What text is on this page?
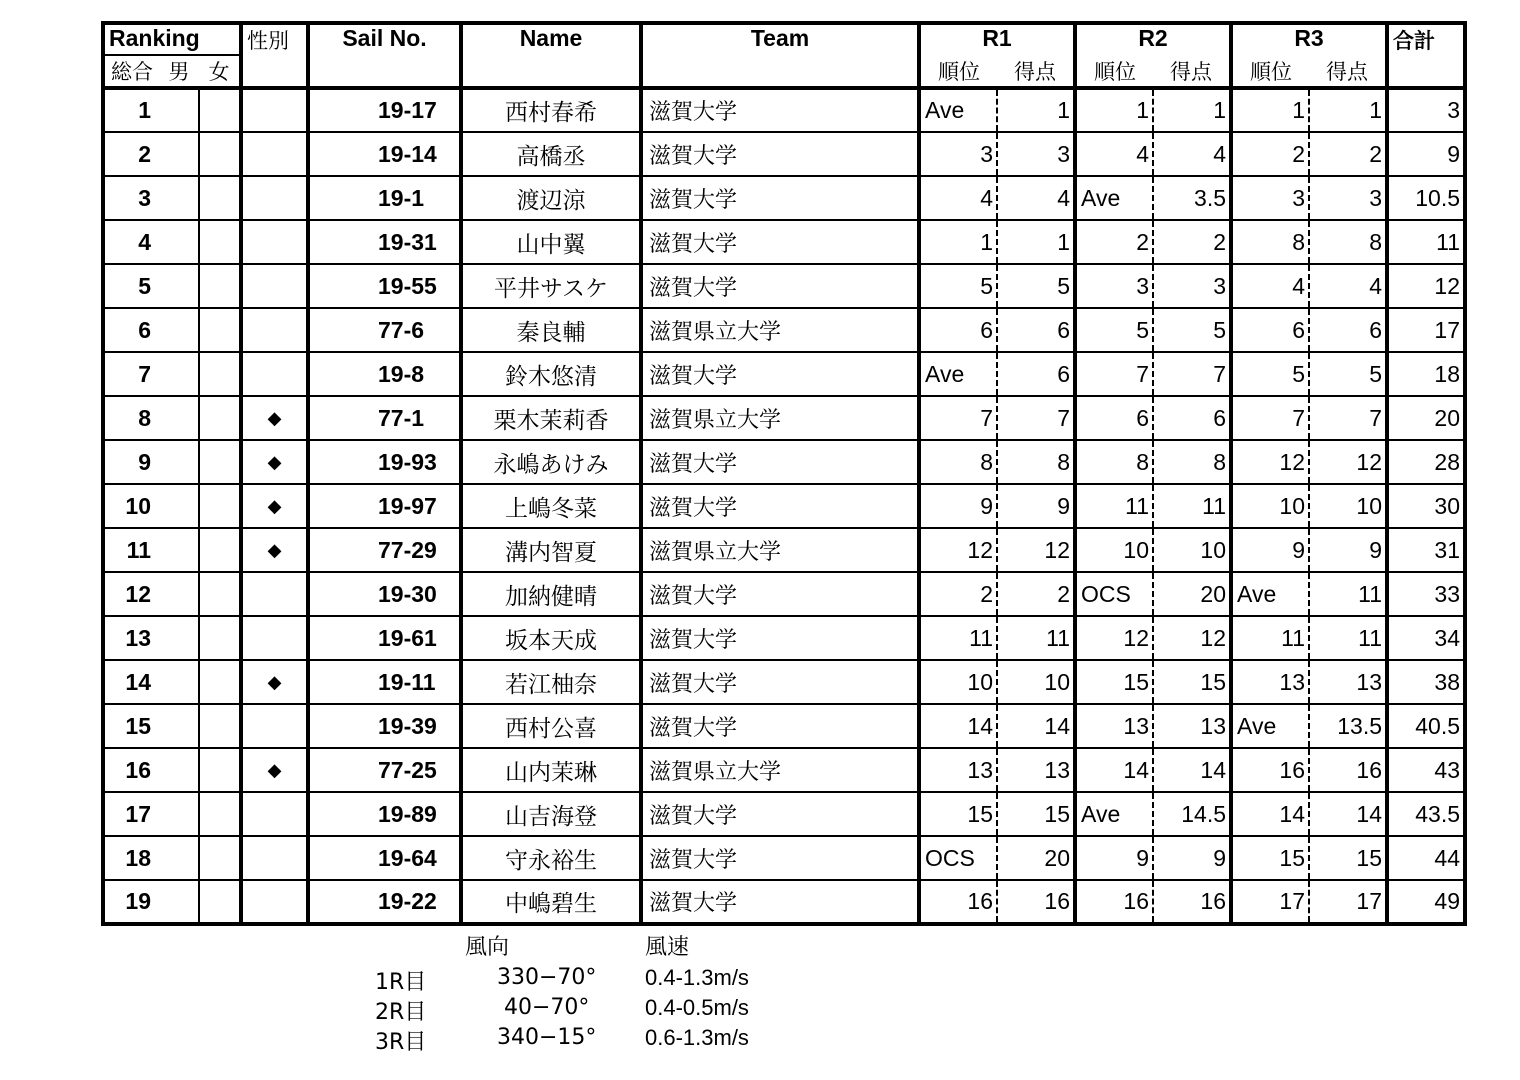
Ranking			性別	Sail No.	Name	Team	R1		R2		R3		合計
総合	男	女					順位	得点	順位	得点	順位	得点	
1				19-17	西村春希	滋賀大学	Ave	1	1	1	1	1	3
2				19-14	高橋丞	滋賀大学	3	3	4	4	2	2	9
3				19-1	渡辺涼	滋賀大学	4	4	Ave	3.5	3	3	10.5
4				19-31	山中翼	滋賀大学	1	1	2	2	8	8	11
5				19-55	平井サスケ	滋賀大学	5	5	3	3	4	4	12
6				77-6	秦良輔	滋賀県立大学	6	6	5	5	6	6	17
7				19-8	鈴木悠清	滋賀大学	Ave	6	7	7	5	5	18
8			◆	77-1	栗木茉莉香	滋賀県立大学	7	7	6	6	7	7	20
9			◆	19-93	永嶋あけみ	滋賀大学	8	8	8	8	12	12	28
10			◆	19-97	上嶋冬菜	滋賀大学	9	9	11	11	10	10	30
11			◆	77-29	溝内智夏	滋賀県立大学	12	12	10	10	9	9	31
12				19-30	加納健晴	滋賀大学	2	2	OCS	20	Ave	11	33
13				19-61	坂本天成	滋賀大学	11	11	12	12	11	11	34
14			◆	19-11	若江柚奈	滋賀大学	10	10	15	15	13	13	38
15				19-39	西村公喜	滋賀大学	14	14	13	13	Ave	13.5	40.5
16			◆	77-25	山内茉琳	滋賀県立大学	13	13	14	14	16	16	43
17				19-89	山吉海登	滋賀大学	15	15	Ave	14.5	14	14	43.5
18				19-64	守永裕生	滋賀大学	OCS	20	9	9	15	15	44
19				19-22	中嶋碧生	滋賀大学	16	16	16	16	17	17	49
風向	風速
1R目	330−70° 0.4-1.3m/s
2R目	40−70°	0.4-0.5m/s
3R目	340−15° 0.6-1.3m/s
